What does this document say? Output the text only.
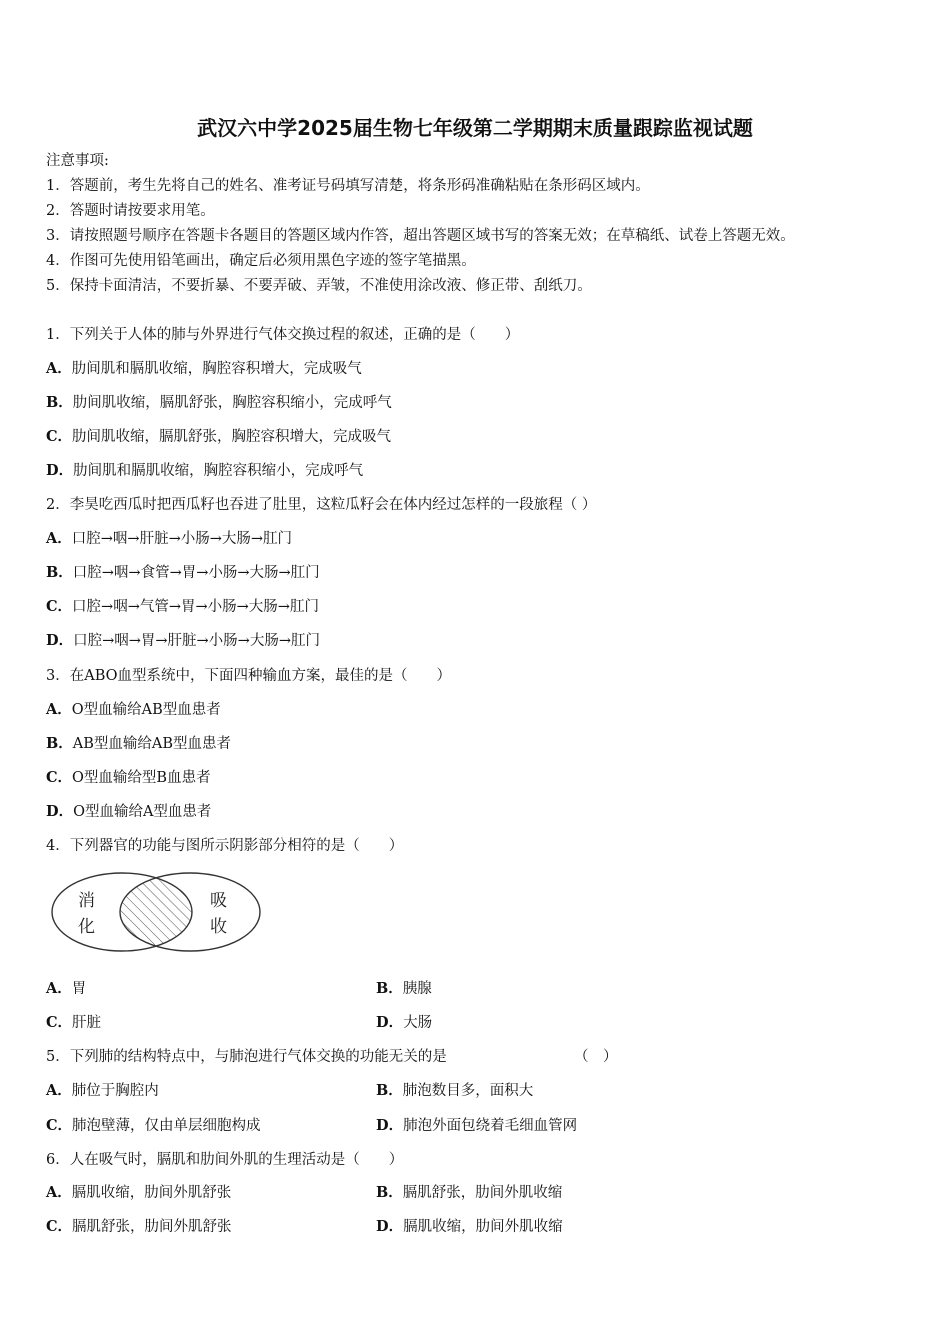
武汉六中学2025届生物七年级第二学期期末质量跟踪监视试题
注意事项:
1．答题前，考生先将自己的姓名、准考证号码填写清楚，将条形码准确粘贴在条形码区域内。
2．答题时请按要求用笔。
3．请按照题号顺序在答题卡各题目的答题区域内作答，超出答题区域书写的答案无效；在草稿纸、试卷上答题无效。
4．作图可先使用铅笔画出，确定后必须用黑色字迹的签字笔描黑。
5．保持卡面清洁，不要折暴、不要弄破、弄皱，不准使用涂改液、修正带、刮纸刀。
1．下列关于人体的肺与外界进行气体交换过程的叙述，正确的是（　　）
A．肋间肌和膈肌收缩，胸腔容积增大，完成吸气
B．肋间肌收缩，膈肌舒张，胸腔容积缩小，完成呼气
C．肋间肌收缩，膈肌舒张，胸腔容积增大，完成吸气
D．肋间肌和膈肌收缩，胸腔容积缩小，完成呼气
2．李昊吃西瓜时把西瓜籽也吞进了肚里，这粒瓜籽会在体内经过怎样的一段旅程（ ）
A．口腔→咽→肝脏→小肠→大肠→肛门
B．口腔→咽→食管→胃→小肠→大肠→肛门
C．口腔→咽→气管→胃→小肠→大肠→肛门
D．口腔→咽→胃→肝脏→小肠→大肠→肛门
3．在ABO血型系统中，下面四种输血方案，最佳的是（　　）
A．O型血输给AB型血患者
B．AB型血输给AB型血患者
C．O型血输给型B血患者
D．O型血输给A型血患者
4．下列器官的功能与图所示阴影部分相符的是（　　）
消
化
吸
收
A．胃	B．胰腺
C．肝脏	D．大肠
5．下列肺的结构特点中，与肺泡进行气体交换的功能无关的是	（　）
A．肺位于胸腔内	B．肺泡数目多，面积大
C．肺泡壁薄，仅由单层细胞构成	D．肺泡外面包绕着毛细血管网
6．人在吸气时，膈肌和肋间外肌的生理活动是（　　）
A．膈肌收缩，肋间外肌舒张	B．膈肌舒张，肋间外肌收缩
C．膈肌舒张，肋间外肌舒张	D．膈肌收缩，肋间外肌收缩
